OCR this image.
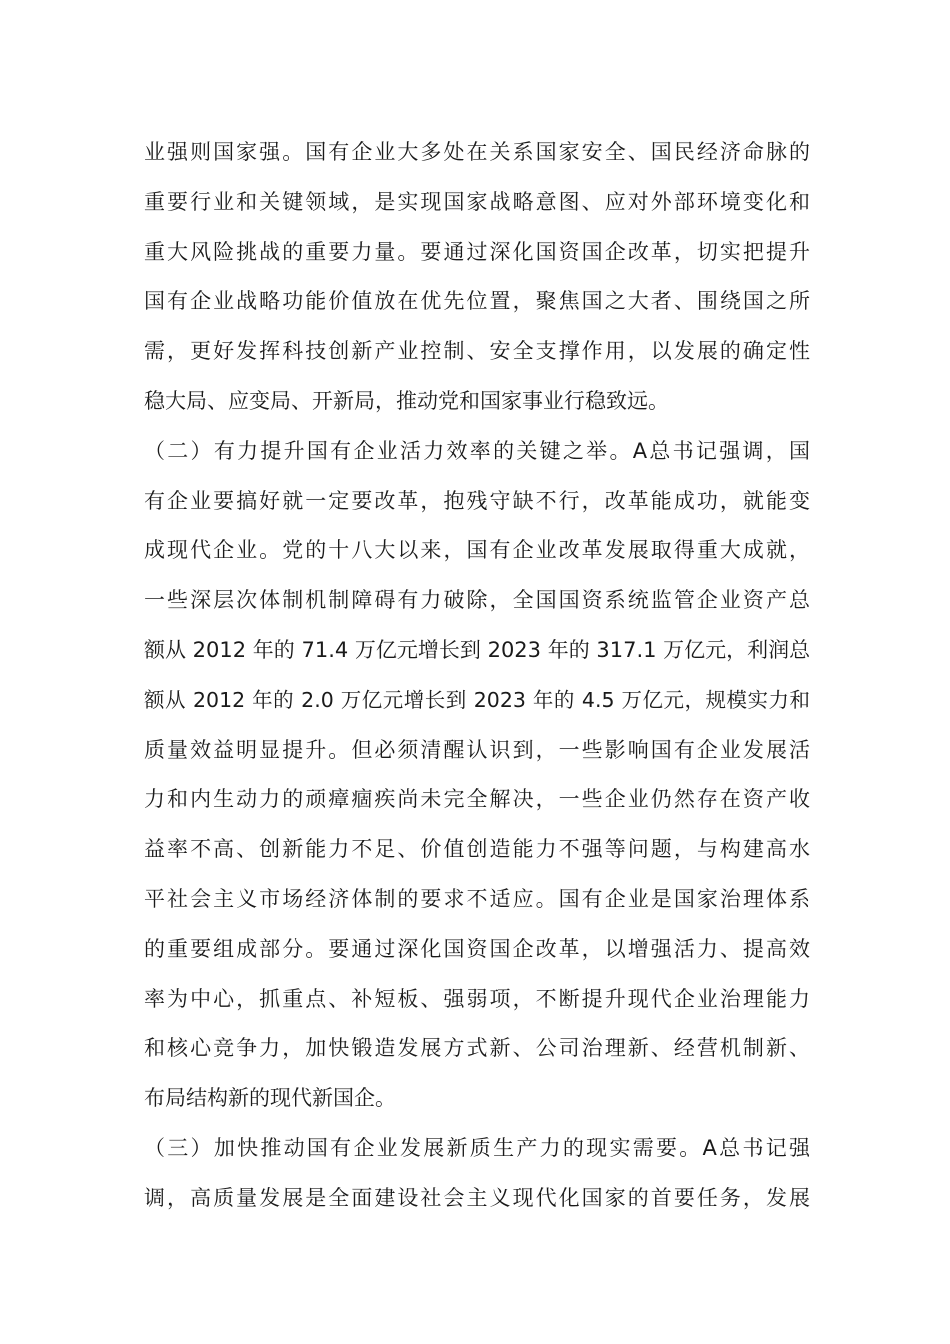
业强则国家强。国有企业大多处在关系国家安全、国民经济命脉的
重要行业和关键领域，是实现国家战略意图、应对外部环境变化和
重大风险挑战的重要力量。要通过深化国资国企改革，切实把提升
国有企业战略功能价值放在优先位置，聚焦国之大者、围绕国之所
需，更好发挥科技创新产业控制、安全支撑作用，以发展的确定性
稳大局、应变局、开新局，推动党和国家事业行稳致远。
（二）有力提升国有企业活力效率的关键之举。A总书记强调，国
有企业要搞好就一定要改革，抱残守缺不行，改革能成功，就能变
成现代企业。党的十八大以来，国有企业改革发展取得重大成就，
一些深层次体制机制障碍有力破除，全国国资系统监管企业资产总
额从 2012 年的 71.4 万亿元增长到 2023 年的 317.1 万亿元，利润总
额从 2012 年的 2.0 万亿元增长到 2023 年的 4.5 万亿元，规模实力和
质量效益明显提升。但必须清醒认识到，一些影响国有企业发展活
力和内生动力的顽瘴痼疾尚未完全解决，一些企业仍然存在资产收
益率不高、创新能力不足、价值创造能力不强等问题，与构建高水
平社会主义市场经济体制的要求不适应。国有企业是国家治理体系
的重要组成部分。要通过深化国资国企改革，以增强活力、提高效
率为中心，抓重点、补短板、强弱项，不断提升现代企业治理能力
和核心竞争力，加快锻造发展方式新、公司治理新、经营机制新、
布局结构新的现代新国企。
（三）加快推动国有企业发展新质生产力的现实需要。A总书记强
调，高质量发展是全面建设社会主义现代化国家的首要任务，发展
